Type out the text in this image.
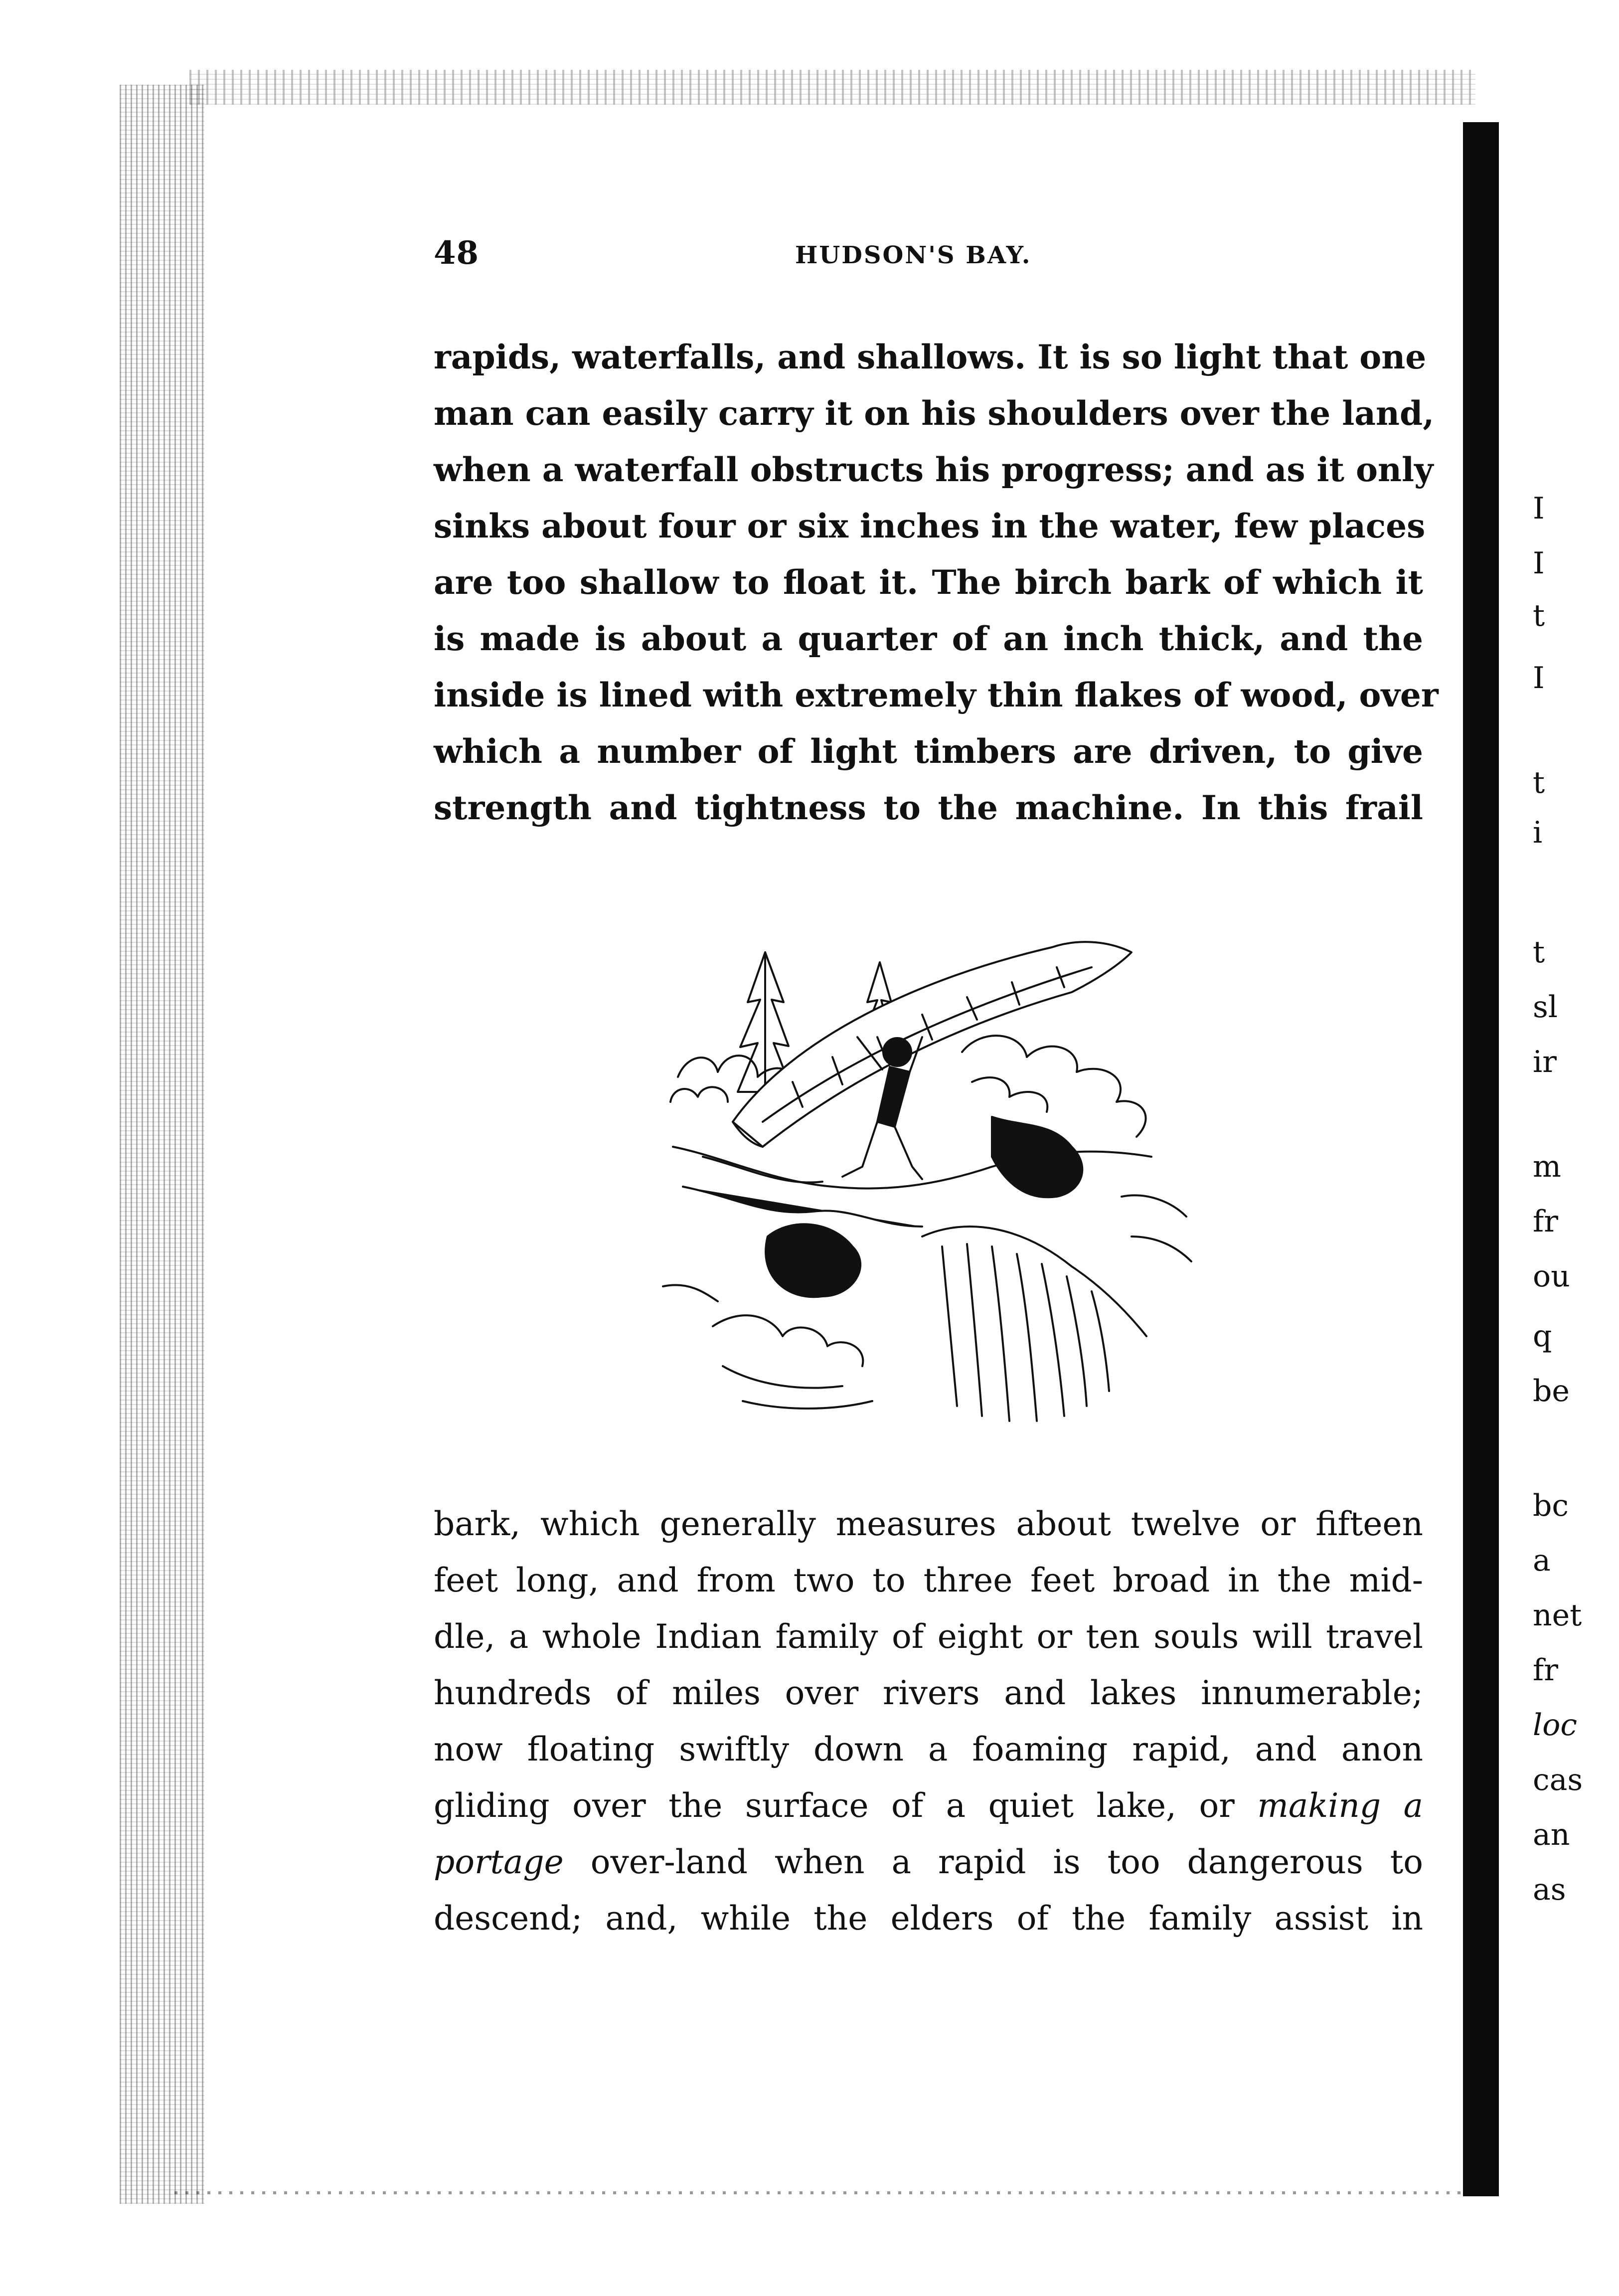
48	HUDSON'S BAY.
rapids, waterfalls, and shallows. It is so light that one
man can easily carry it on his shoulders over the land,
when a waterfall obstructs his progress; and as it only
sinks about four or six inches in the water, few places
are too shallow to float it. The birch bark of which it
is made is about a quarter of an inch thick, and the
inside is lined with extremely thin flakes of wood, over
which a number of light timbers are driven, to give
strength and tightness to the machine. In this frail
bark, which generally measures about twelve or fifteen
feet long, and from two to three feet broad in the mid-
dle, a whole Indian family of eight or ten souls will travel
hundreds of miles over rivers and lakes innumerable;
now floating swiftly down a foaming rapid, and anon
gliding over the surface of a quiet lake, or making a
portage over-land when a rapid is too dangerous to
descend; and, while the elders of the family assist in
I
I
t
I
t
i
t
sl
ir
m
fr
ou
q
be
bc
a
net
fr
loc
cas
an
as
